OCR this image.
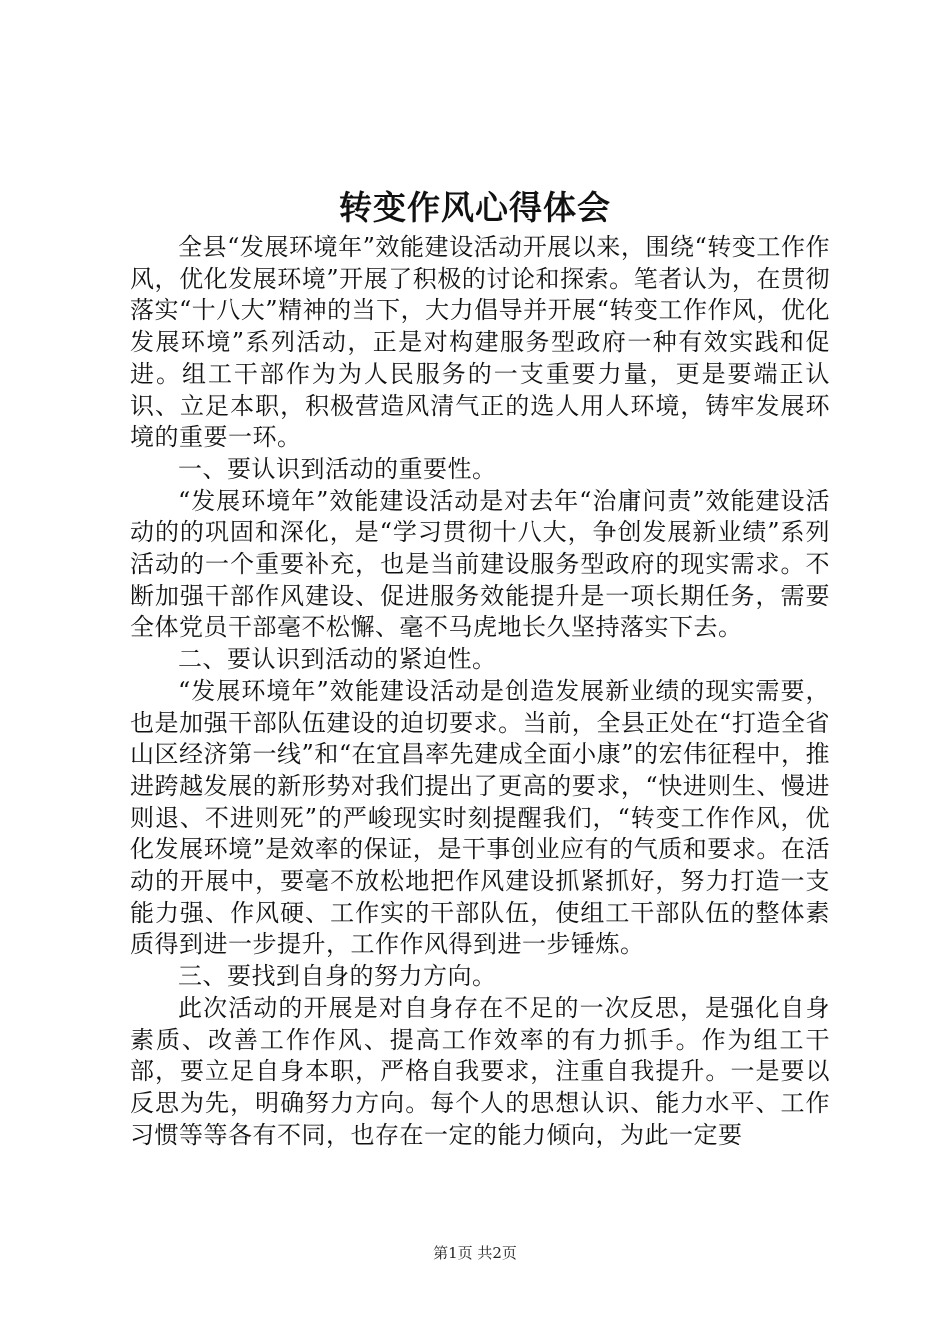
转变作风心得体会

全县“发展环境年”效能建设活动开展以来，围绕“转变工作作风，优化发展环境”开展了积极的讨论和探索。笔者认为，在贯彻落实“十八大”精神的当下，大力倡导并开展“转变工作作风，优化发展环境”系列活动，正是对构建服务型政府一种有效实践和促进。组工干部作为为人民服务的一支重要力量，更是要端正认识、立足本职，积极营造风清气正的选人用人环境，铸牢发展环境的重要一环。

一、要认识到活动的重要性。

“发展环境年”效能建设活动是对去年“治庸问责”效能建设活动的的巩固和深化，是“学习贯彻十八大，争创发展新业绩”系列活动的一个重要补充，也是当前建设服务型政府的现实需求。不断加强干部作风建设、促进服务效能提升是一项长期任务，需要全体党员干部毫不松懈、毫不马虎地长久坚持落实下去。

二、要认识到活动的紧迫性。

“发展环境年”效能建设活动是创造发展新业绩的现实需要，也是加强干部队伍建设的迫切要求。当前，全县正处在“打造全省山区经济第一线”和“在宜昌率先建成全面小康”的宏伟征程中，推进跨越发展的新形势对我们提出了更高的要求，“快进则生、慢进则退、不进则死”的严峻现实时刻提醒我们，“转变工作作风，优化发展环境”是效率的保证，是干事创业应有的气质和要求。在活动的开展中，要毫不放松地把作风建设抓紧抓好，努力打造一支能力强、作风硬、工作实的干部队伍，使组工干部队伍的整体素质得到进一步提升，工作作风得到进一步锤炼。

三、要找到自身的努力方向。

此次活动的开展是对自身存在不足的一次反思，是强化自身素质、改善工作作风、提高工作效率的有力抓手。作为组工干部，要立足自身本职，严格自我要求，注重自我提升。一是要以反思为先，明确努力方向。每个人的思想认识、能力水平、工作习惯等等各有不同，也存在一定的能力倾向，为此一定要

第1页 共2页
